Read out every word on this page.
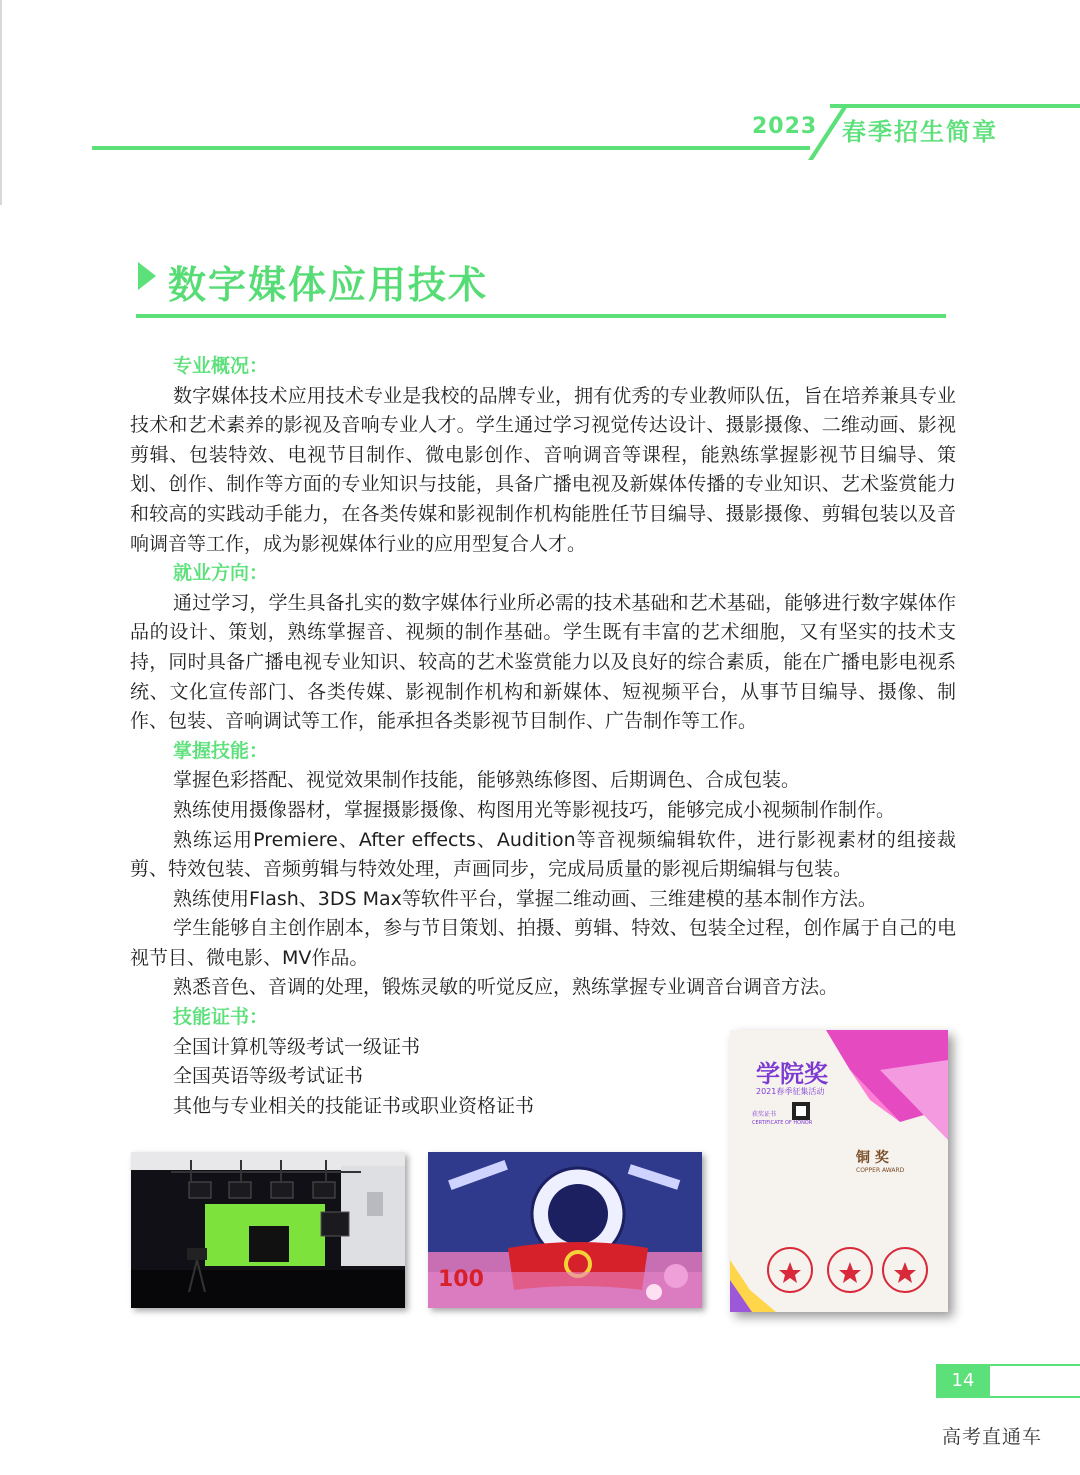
2023 春季招生简章
数字媒体应用技术

专业概况：

数字媒体技术应用技术专业是我校的品牌专业，拥有优秀的专业教师队伍，旨在培养兼具专业技术和艺术素养的影视及音响专业人才。学生通过学习视觉传达设计、摄影摄像、二维动画、影视剪辑、包装特效、电视节目制作、微电影创作、音响调音等课程，能熟练掌握影视节目编导、策划、创作、制作等方面的专业知识与技能，具备广播电视及新媒体传播的专业知识、艺术鉴赏能力和较高的实践动手能力，在各类传媒和影视制作机构能胜任节目编导、摄影摄像、剪辑包装以及音响调音等工作，成为影视媒体行业的应用型复合人才。

就业方向：

通过学习，学生具备扎实的数字媒体行业所必需的技术基础和艺术基础，能够进行数字媒体作品的设计、策划，熟练掌握音、视频的制作基础。学生既有丰富的艺术细胞，又有坚实的技术支持，同时具备广播电视专业知识、较高的艺术鉴赏能力以及良好的综合素质，能在广播电影电视系统、文化宣传部门、各类传媒、影视制作机构和新媒体、短视频平台，从事节目编导、摄像、制作、包装、音响调试等工作，能承担各类影视节目制作、广告制作等工作。

掌握技能：

掌握色彩搭配、视觉效果制作技能，能够熟练修图、后期调色、合成包装。

熟练使用摄像器材，掌握摄影摄像、构图用光等影视技巧，能够完成小视频制作制作。

熟练运用Premiere、After effects、Audition等音视频编辑软件，进行影视素材的组接裁剪、特效包装、音频剪辑与特效处理，声画同步，完成局质量的影视后期编辑与包装。

熟练使用Flash、3DS Max等软件平台，掌握二维动画、三维建模的基本制作方法。

学生能够自主创作剧本，参与节目策划、拍摄、剪辑、特效、包装全过程，创作属于自己的电视节目、微电影、MV作品。

熟悉音色、音调的处理，锻炼灵敏的听觉反应，熟练掌握专业调音台调音方法。

技能证书：

全国计算机等级考试一级证书

全国英语等级考试证书

其他与专业相关的技能证书或职业资格证书

100
学院奖
2021春季征集活动
获奖证书
CERTIFICATE OF HONOR
铜 奖
COPPER AWARD
14
高考直通车
